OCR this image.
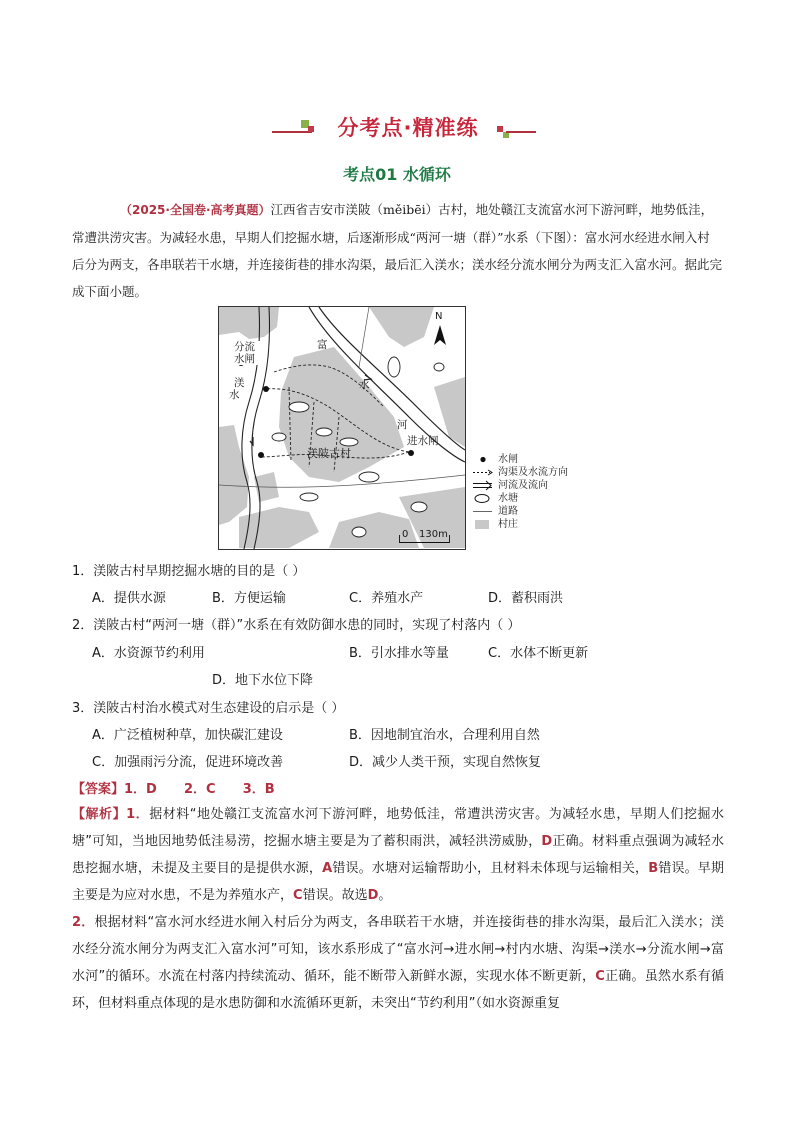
分考点·精准练
考点01 水循环

（2025·全国卷·高考真题）江西省吉安市渼陂（měibēi）古村，地处赣江支流富水河下游河畔，地势低洼，常遭洪涝灾害。为减轻水患，早期人们挖掘水塘，后逐渐形成“两河一塘（群）”水系（下图）：富水河水经进水闸入村后分为两支，各串联若干水塘，并连接街巷的排水沟渠，最后汇入渼水；渼水经分流水闸分为两支汇入富水河。据此完成下面小题。

分流水闸
渼
水
富
水
河
进水闸
渼陂古村
N
0 130m
水闸
沟渠及水流方向
河流及流向
水塘
道路
村庄
1．渼陂古村早期挖掘水塘的目的是（ ）
A．提供水源	B．方便运输	C．养殖水产	D．蓄积雨洪
2．渼陂古村“两河一塘（群）”水系在有效防御水患的同时，实现了村落内（ ）
A．水资源节约利用	B．引水排水等量	C．水体不断更新
D．地下水位下降
3．渼陂古村治水模式对生态建设的启示是（ ）
A．广泛植树种草，加快碳汇建设	B．因地制宜治水，合理利用自然
C．加强雨污分流，促进环境改善	D．减少人类干预，实现自然恢复
【答案】1．D      2．C      3．B

【解析】1．据材料“地处赣江支流富水河下游河畔，地势低洼，常遭洪涝灾害。为减轻水患，早期人们挖掘水塘”可知，当地因地势低洼易涝，挖掘水塘主要是为了蓄积雨洪，减轻洪涝威胁，D正确。材料重点强调为减轻水患挖掘水塘，未提及主要目的是提供水源，A错误。水塘对运输帮助小，且材料未体现与运输相关，B错误。早期主要是为应对水患，不是为养殖水产，C错误。故选D。

2．根据材料“富水河水经进水闸入村后分为两支，各串联若干水塘，并连接街巷的排水沟渠，最后汇入渼水；渼水经分流水闸分为两支汇入富水河”可知，该水系形成了“富水河→进水闸→村内水塘、沟渠→渼水→分流水闸→富水河”的循环。水流在村落内持续流动、循环，能不断带入新鲜水源，实现水体不断更新，C正确。虽然水系有循环，但材料重点体现的是水患防御和水流循环更新，未突出“节约利用”（如水资源重复
